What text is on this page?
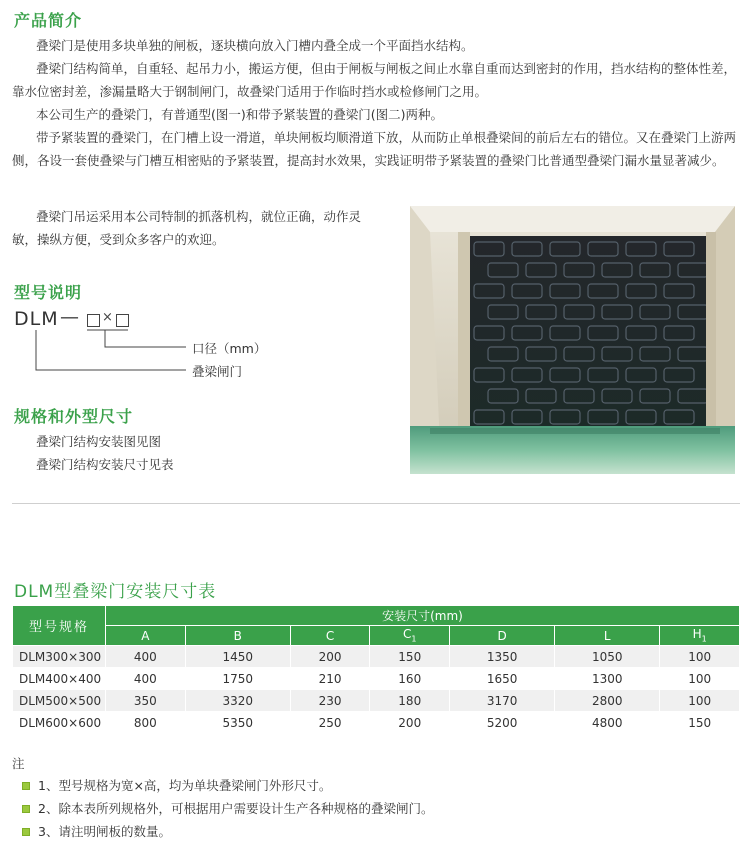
产品简介

叠梁门是使用多块单独的闸板，逐块横向放入门槽内叠全成一个平面挡水结构。

叠梁门结构简单，自重轻、起吊力小，搬运方便，但由于闸板与闸板之间止水靠自重而达到密封的作用，挡水结构的整体性差，靠水位密封差，渗漏量略大于钢制闸门，故叠梁门适用于作临时挡水或检修闸门之用。

本公司生产的叠梁门，有普通型(图一)和带予紧装置的叠梁门(图二)两种。

带予紧装置的叠梁门，在门槽上设一滑道，单块闸板均顺滑道下放，从而防止单根叠梁间的前后左右的错位。又在叠梁门上游两侧，各设一套使叠梁与门槽互相密贴的予紧装置，提高封水效果，实践证明带予紧装置的叠梁门比普通型叠梁门漏水量显著减少。

叠梁门吊运采用本公司特制的抓落机构，就位正确，动作灵敏，操纵方便，受到众多客户的欢迎。

型号说明
DLM — ×
口径（mm）
叠梁闸门
规格和外型尺寸
叠梁门结构安装图见图
叠梁门结构安装尺寸见表
DLM型叠梁门安装尺寸表
型号规格	安装尺寸(mm)						
	A	B	C	$C_1$	D	L	$H_1$
DLM300×300	400	1450	200	150	1350	1050	100
DLM400×400	400	1750	210	160	1650	1300	100
DLM500×500	350	3320	230	180	3170	2800	100
DLM600×600	800	5350	250	200	5200	4800	150
注
1、型号规格为宽×高，均为单块叠梁闸门外形尺寸。
2、除本表所列规格外，可根据用户需要设计生产各种规格的叠梁闸门。
3、请注明闸板的数量。
